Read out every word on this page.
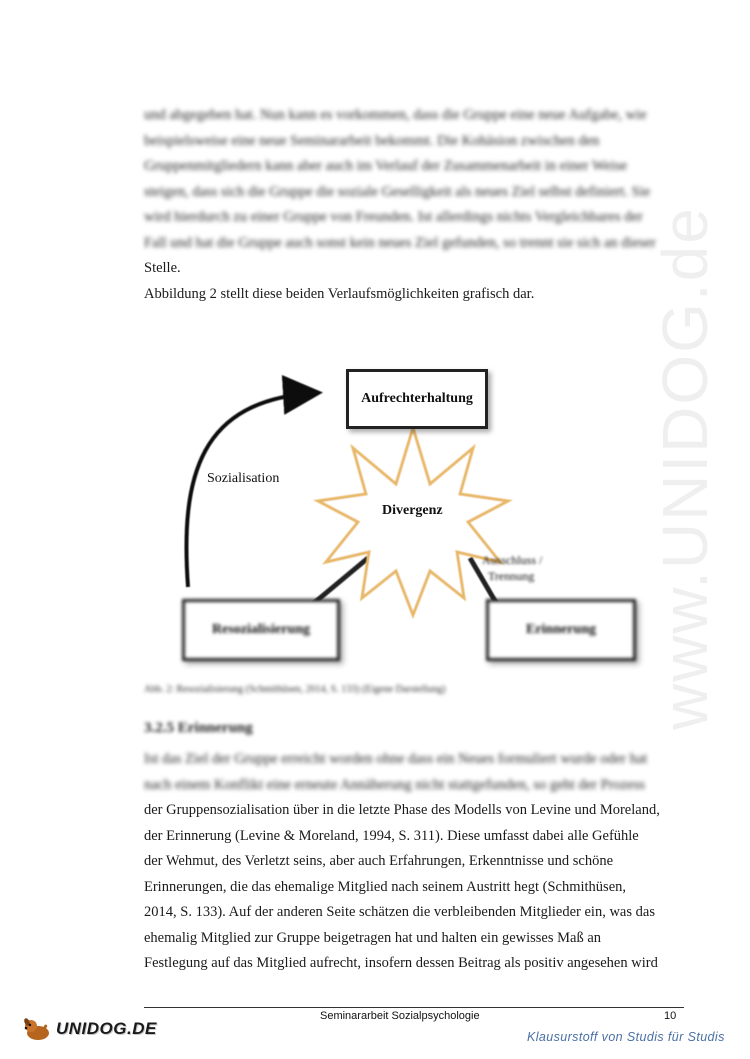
www.UNIDOG.de
und abgegeben hat. Nun kann es vorkommen, dass die Gruppe eine neue Aufgabe, wie
beispielsweise eine neue Seminararbeit bekommt. Die Kohäsion zwischen den
Gruppenmitgliedern kann aber auch im Verlauf der Zusammenarbeit in einer Weise
steigen, dass sich die Gruppe die soziale Geselligkeit als neues Ziel selbst definiert. Sie
wird hierdurch zu einer Gruppe von Freunden. Ist allerdings nichts Vergleichbares der
Fall und hat die Gruppe auch sonst kein neues Ziel gefunden, so trennt sie sich an dieser
Stelle.
Abbildung 2 stellt diese beiden Verlaufsmöglichkeiten grafisch dar.
Aufrechterhaltung
Resozialisierung	Erinnerung
Sozialisation
Divergenz
Ausschluss /
Trennung
Abb. 2: Resozialisierung (Schmithüsen, 2014, S. 133) (Eigene Darstellung)
3.2.5 Erinnerung
Ist das Ziel der Gruppe erreicht worden ohne dass ein Neues formuliert wurde oder hat
nach einem Konflikt eine erneute Annäherung nicht stattgefunden, so geht der Prozess
der Gruppensozialisation über in die letzte Phase des Modells von Levine und Moreland,
der Erinnerung (Levine & Moreland, 1994, S. 311). Diese umfasst dabei alle Gefühle
der Wehmut, des Verletzt seins, aber auch Erfahrungen, Erkenntnisse und schöne
Erinnerungen, die das ehemalige Mitglied nach seinem Austritt hegt (Schmithüsen,
2014, S. 133). Auf der anderen Seite schätzen die verbleibenden Mitglieder ein, was das
ehemalig Mitglied zur Gruppe beigetragen hat und halten ein gewisses Maß an
Festlegung auf das Mitglied aufrecht, insofern dessen Beitrag als positiv angesehen wird
Seminararbeit Sozialpsychologie	10
UNIDOG.DE	Klausurstoff von Studis für Studis
